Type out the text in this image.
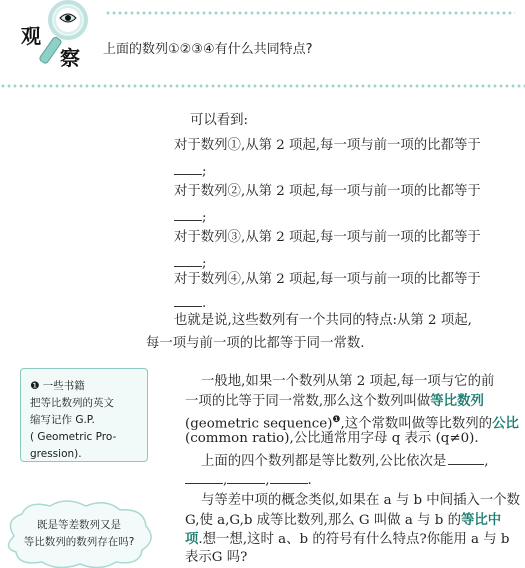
观
察 上面的数列①②③④有什么共同特点?
可以看到:
对于数列①,从第 2 项起,每一项与前一项的比都等于
;
对于数列②,从第 2 项起,每一项与前一项的比都等于
;
对于数列③,从第 2 项起,每一项与前一项的比都等于
;
对于数列④,从第 2 项起,每一项与前一项的比都等于
.
也就是说,这些数列有一个共同的特点:从第 2 项起,
每一项与前一项的比都等于同一常数.
一般地,如果一个数列从第 2 项起,每一项与它的前
一项的比等于同一常数,那么这个数列叫做等比数列
(geometric sequence)$^❶$,这个常数叫做等比数列的公比
(common ratio),公比通常用字母 q 表示 (q≠0).
上面的四个数列都是等比数列,公比依次是	,
,	,	.
与等差中项的概念类似,如果在 a 与 b 中间插入一个数
G,使 a,G,b 成等比数列,那么 G 叫做 a 与 b 的等比中
项.想一想,这时 a、b 的符号有什么特点?你能用 a 与 b
表示G 吗?
❶ 一些书籍
把等比数列的英文
缩写记作 G.P.
( Geometric Pro-
gression).
既是等差数列又是
等比数列的数列存在吗?
